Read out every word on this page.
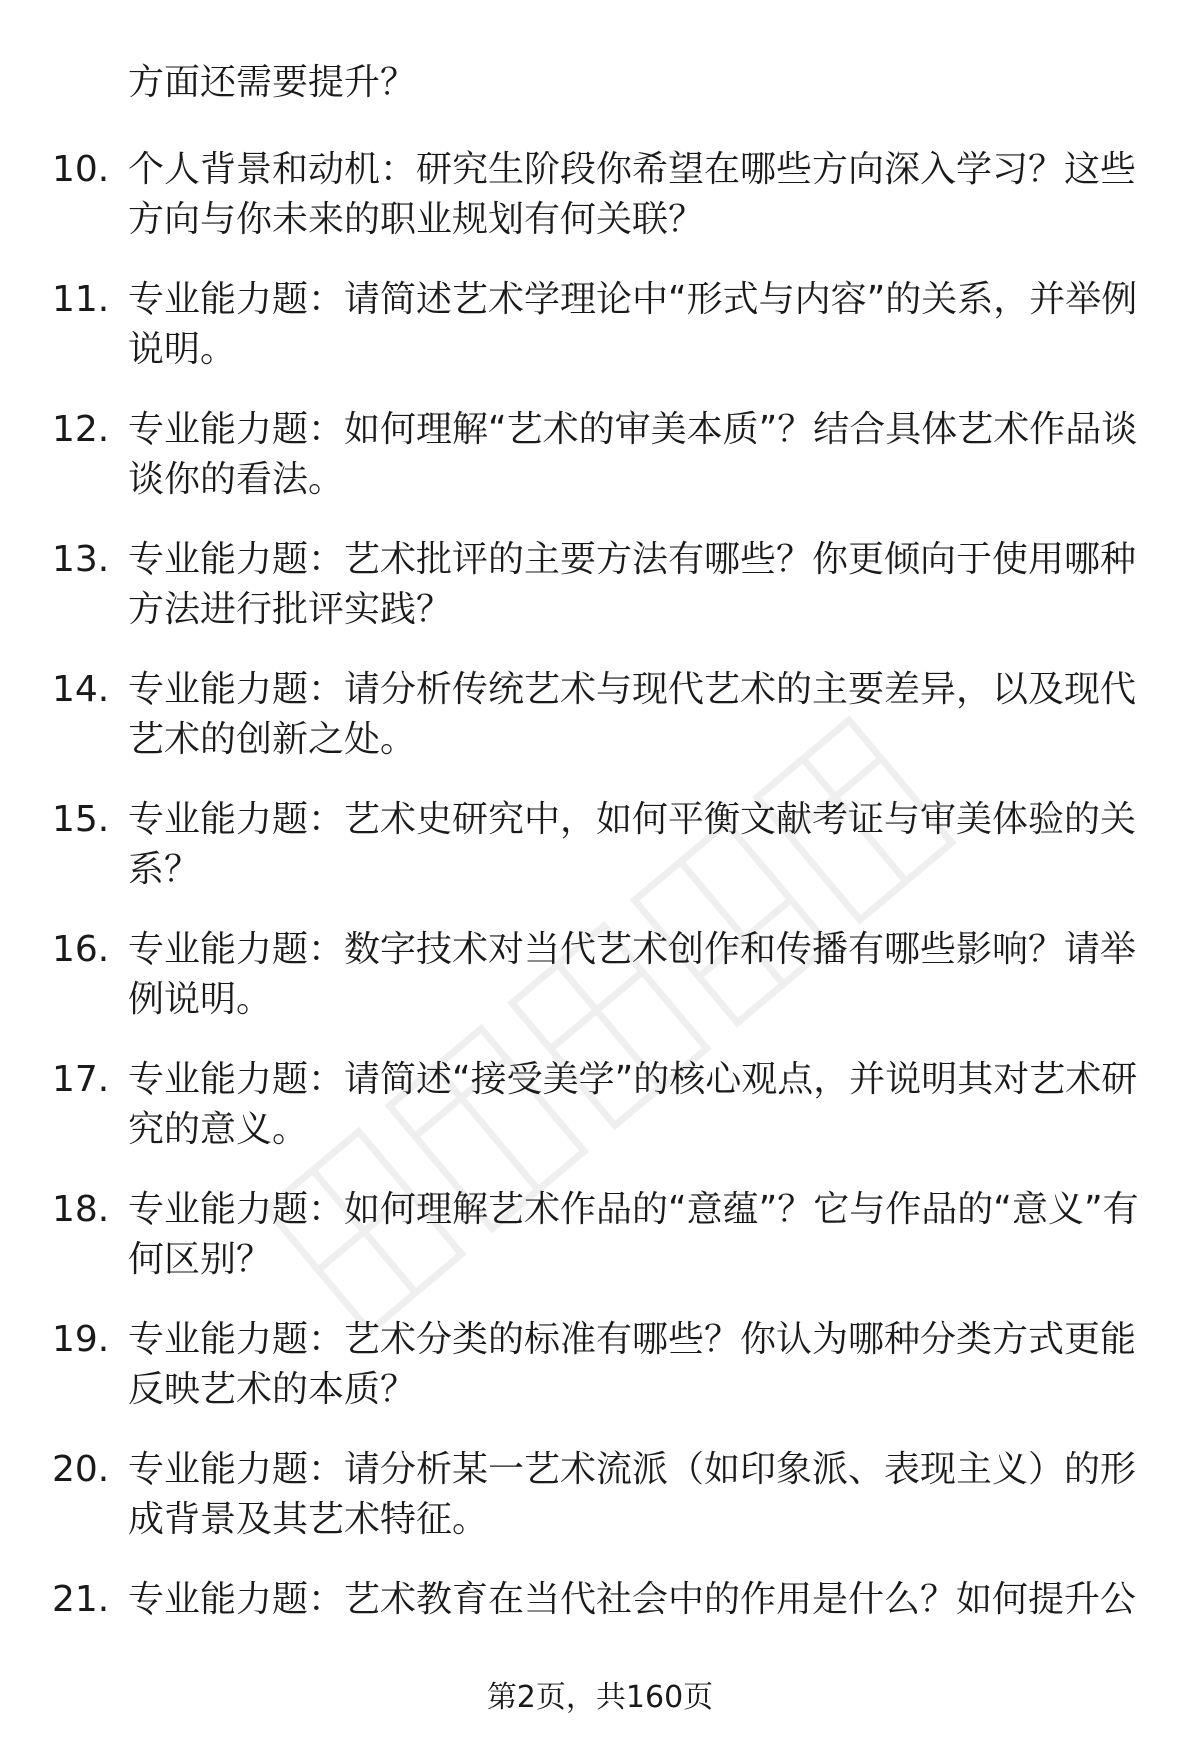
方面还需要提升？

10. 个人背景和动机：研究生阶段你希望在哪些方向深入学习？这些方向与你未来的职业规划有何关联？
11. 专业能力题：请简述艺术学理论中“形式与内容”的关系，并举例说明。
12. 专业能力题：如何理解“艺术的审美本质”？结合具体艺术作品谈谈你的看法。
13. 专业能力题：艺术批评的主要方法有哪些？你更倾向于使用哪种方法进行批评实践？
14. 专业能力题：请分析传统艺术与现代艺术的主要差异，以及现代艺术的创新之处。
15. 专业能力题：艺术史研究中，如何平衡文献考证与审美体验的关系？
16. 专业能力题：数字技术对当代艺术创作和传播有哪些影响？请举例说明。
17. 专业能力题：请简述“接受美学”的核心观点，并说明其对艺术研究的意义。
18. 专业能力题：如何理解艺术作品的“意蕴”？它与作品的“意义”有何区别？
19. 专业能力题：艺术分类的标准有哪些？你认为哪种分类方式更能反映艺术的本质？
20. 专业能力题：请分析某一艺术流派（如印象派、表现主义）的形成背景及其艺术特征。
21. 专业能力题：艺术教育在当代社会中的作用是什么？如何提升公
第2页，共160页
